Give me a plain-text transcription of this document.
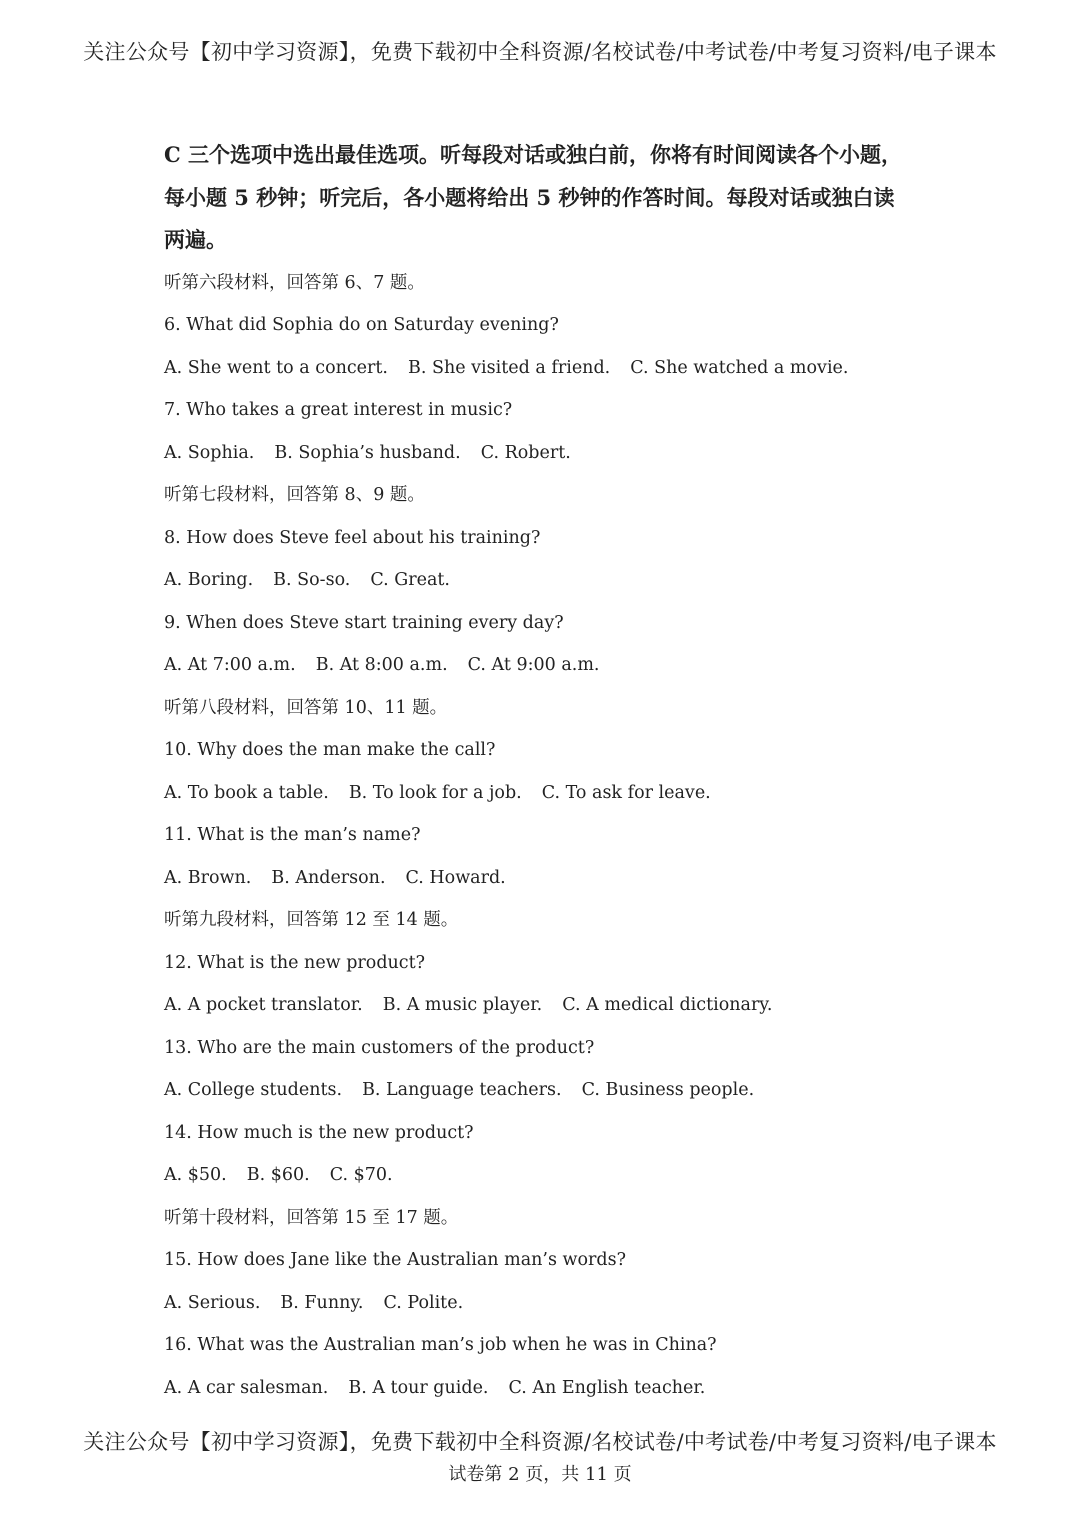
关注公众号【初中学习资源】，免费下载初中全科资源/名校试卷/中考试卷/中考复习资料/电子课本

C 三个选项中选出最佳选项。听每段对话或独白前，你将有时间阅读各个小题，

每小题 5 秒钟；听完后，各小题将给出 5 秒钟的作答时间。每段对话或独白读

两遍。

听第六段材料，回答第 6、7 题。

6. What did Sophia do on Saturday evening?

A. She went to a concert. B. She visited a friend. C. She watched a movie.

7. Who takes a great interest in music?

A. Sophia. B. Sophia’s husband. C. Robert.

听第七段材料，回答第 8、9 题。

8. How does Steve feel about his training?

A. Boring. B. So-so. C. Great.

9. When does Steve start training every day?

A. At 7:00 a.m. B. At 8:00 a.m. C. At 9:00 a.m.

听第八段材料，回答第 10、11 题。

10. Why does the man make the call?

A. To book a table. B. To look for a job. C. To ask for leave.

11. What is the man’s name?

A. Brown. B. Anderson. C. Howard.

听第九段材料，回答第 12 至 14 题。

12. What is the new product?

A. A pocket translator. B. A music player. C. A medical dictionary.

13. Who are the main customers of the product?

A. College students. B. Language teachers. C. Business people.

14. How much is the new product?

A. $50. B. $60. C. $70.

听第十段材料，回答第 15 至 17 题。

15. How does Jane like the Australian man’s words?

A. Serious. B. Funny. C. Polite.

16. What was the Australian man’s job when he was in China?

A. A car salesman. B. A tour guide. C. An English teacher.

关注公众号【初中学习资源】，免费下载初中全科资源/名校试卷/中考试卷/中考复习资料/电子课本
试卷第 2 页，共 11 页
